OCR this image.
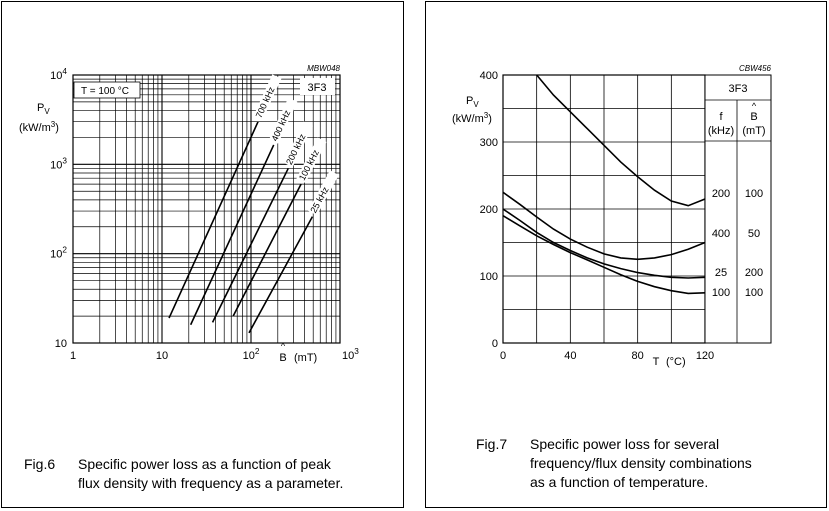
10
$10^2$
$10^3$
$10^4$
1	10	$10^2$	$10^3$
$P_V$
$(kW/m^3)$
^
B (mT)
MBW048
T = 100 °C	3F3
700 kHz
400 kHz
200 kHz
100 kHz
25 kHz
Fig.6 Specific power loss as a function of peak
flux density with frequency as a parameter.
3F3
f
(kHz)
^
B
(mT)
200 100
400 50
25 200
100 100
0
100
200
300
400
0	40	80	120
$P_V$
$(kW/m^3)$
T (°C)
CBW456
Fig.7 Specific power loss for several
frequency/flux density combinations
as a function of temperature.
